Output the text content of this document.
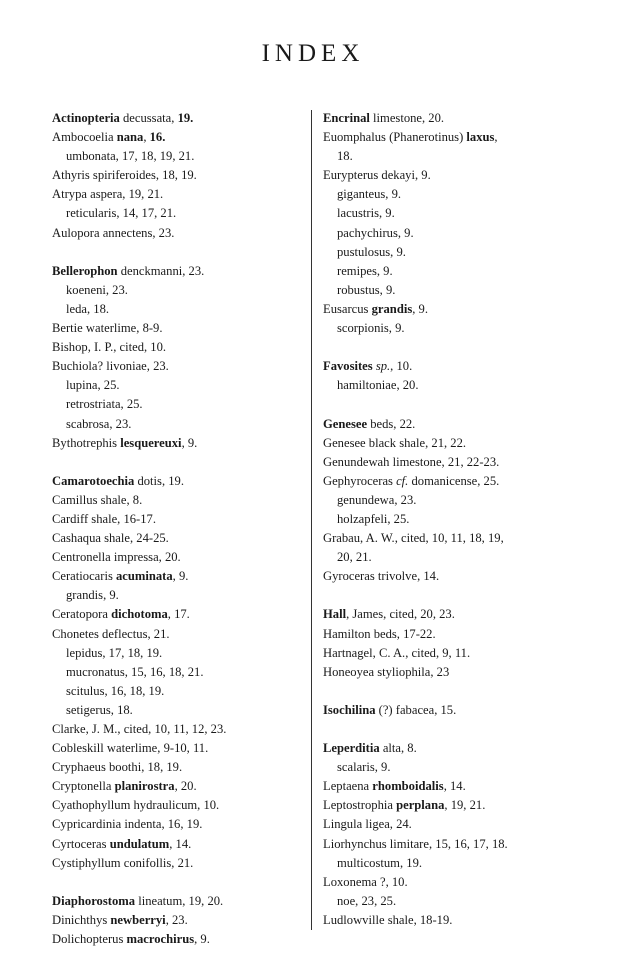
INDEX
Actinopteria decussata, 19.
Ambocoelia nana, 16.
umbonata, 17, 18, 19, 21.
Athyris spiriferoides, 18, 19.
Atrypa aspera, 19, 21.
reticularis, 14, 17, 21.
Aulopora annectens, 23.
Bellerophon denckmanni, 23.
koeneni, 23.
leda, 18.
Bertie waterlime, 8-9.
Bishop, I. P., cited, 10.
Buchiola? livoniae, 23.
lupina, 25.
retrostriata, 25.
scabrosa, 23.
Bythotrephis lesquereuxi, 9.
Camarotoechia dotis, 19.
Camillus shale, 8.
Cardiff shale, 16-17.
Cashaqua shale, 24-25.
Centronella impressa, 20.
Ceratiocaris acuminata, 9.
grandis, 9.
Ceratopora dichotoma, 17.
Chonetes deflectus, 21.
lepidus, 17, 18, 19.
mucronatus, 15, 16, 18, 21.
scitulus, 16, 18, 19.
setigerus, 18.
Clarke, J. M., cited, 10, 11, 12, 23.
Cobleskill waterlime, 9-10, 11.
Cryphaeus boothi, 18, 19.
Cryptonella planirostra, 20.
Cyathophyllum hydraulicum, 10.
Cypricardinia indenta, 16, 19.
Cyrtoceras undulatum, 14.
Cystiphyllum conifollis, 21.
Diaphorostoma lineatum, 19, 20.
Dinichthys newberryi, 23.
Dolichopterus macrochirus, 9.
Encrinal limestone, 20.
Euomphalus (Phanerotinus) laxus,
18.
Eurypterus dekayi, 9.
giganteus, 9.
lacustris, 9.
pachychirus, 9.
pustulosus, 9.
remipes, 9.
robustus, 9.
Eusarcus grandis, 9.
scorpionis, 9.
Favosites sp., 10.
hamiltoniae, 20.
Genesee beds, 22.
Genesee black shale, 21, 22.
Genundewah limestone, 21, 22-23.
Gephyroceras cf. domanicense, 25.
genundewa, 23.
holzapfeli, 25.
Grabau, A. W., cited, 10, 11, 18, 19,
20, 21.
Gyroceras trivolve, 14.
Hall, James, cited, 20, 23.
Hamilton beds, 17-22.
Hartnagel, C. A., cited, 9, 11.
Honeoyea styliophila, 23
Isochilina (?) fabacea, 15.
Leperditia alta, 8.
scalaris, 9.
Leptaena rhomboidalis, 14.
Leptostrophia perplana, 19, 21.
Lingula ligea, 24.
Liorhynchus limitare, 15, 16, 17, 18.
multicostum, 19.
Loxonema ?, 10.
noe, 23, 25.
Ludlowville shale, 18-19.
